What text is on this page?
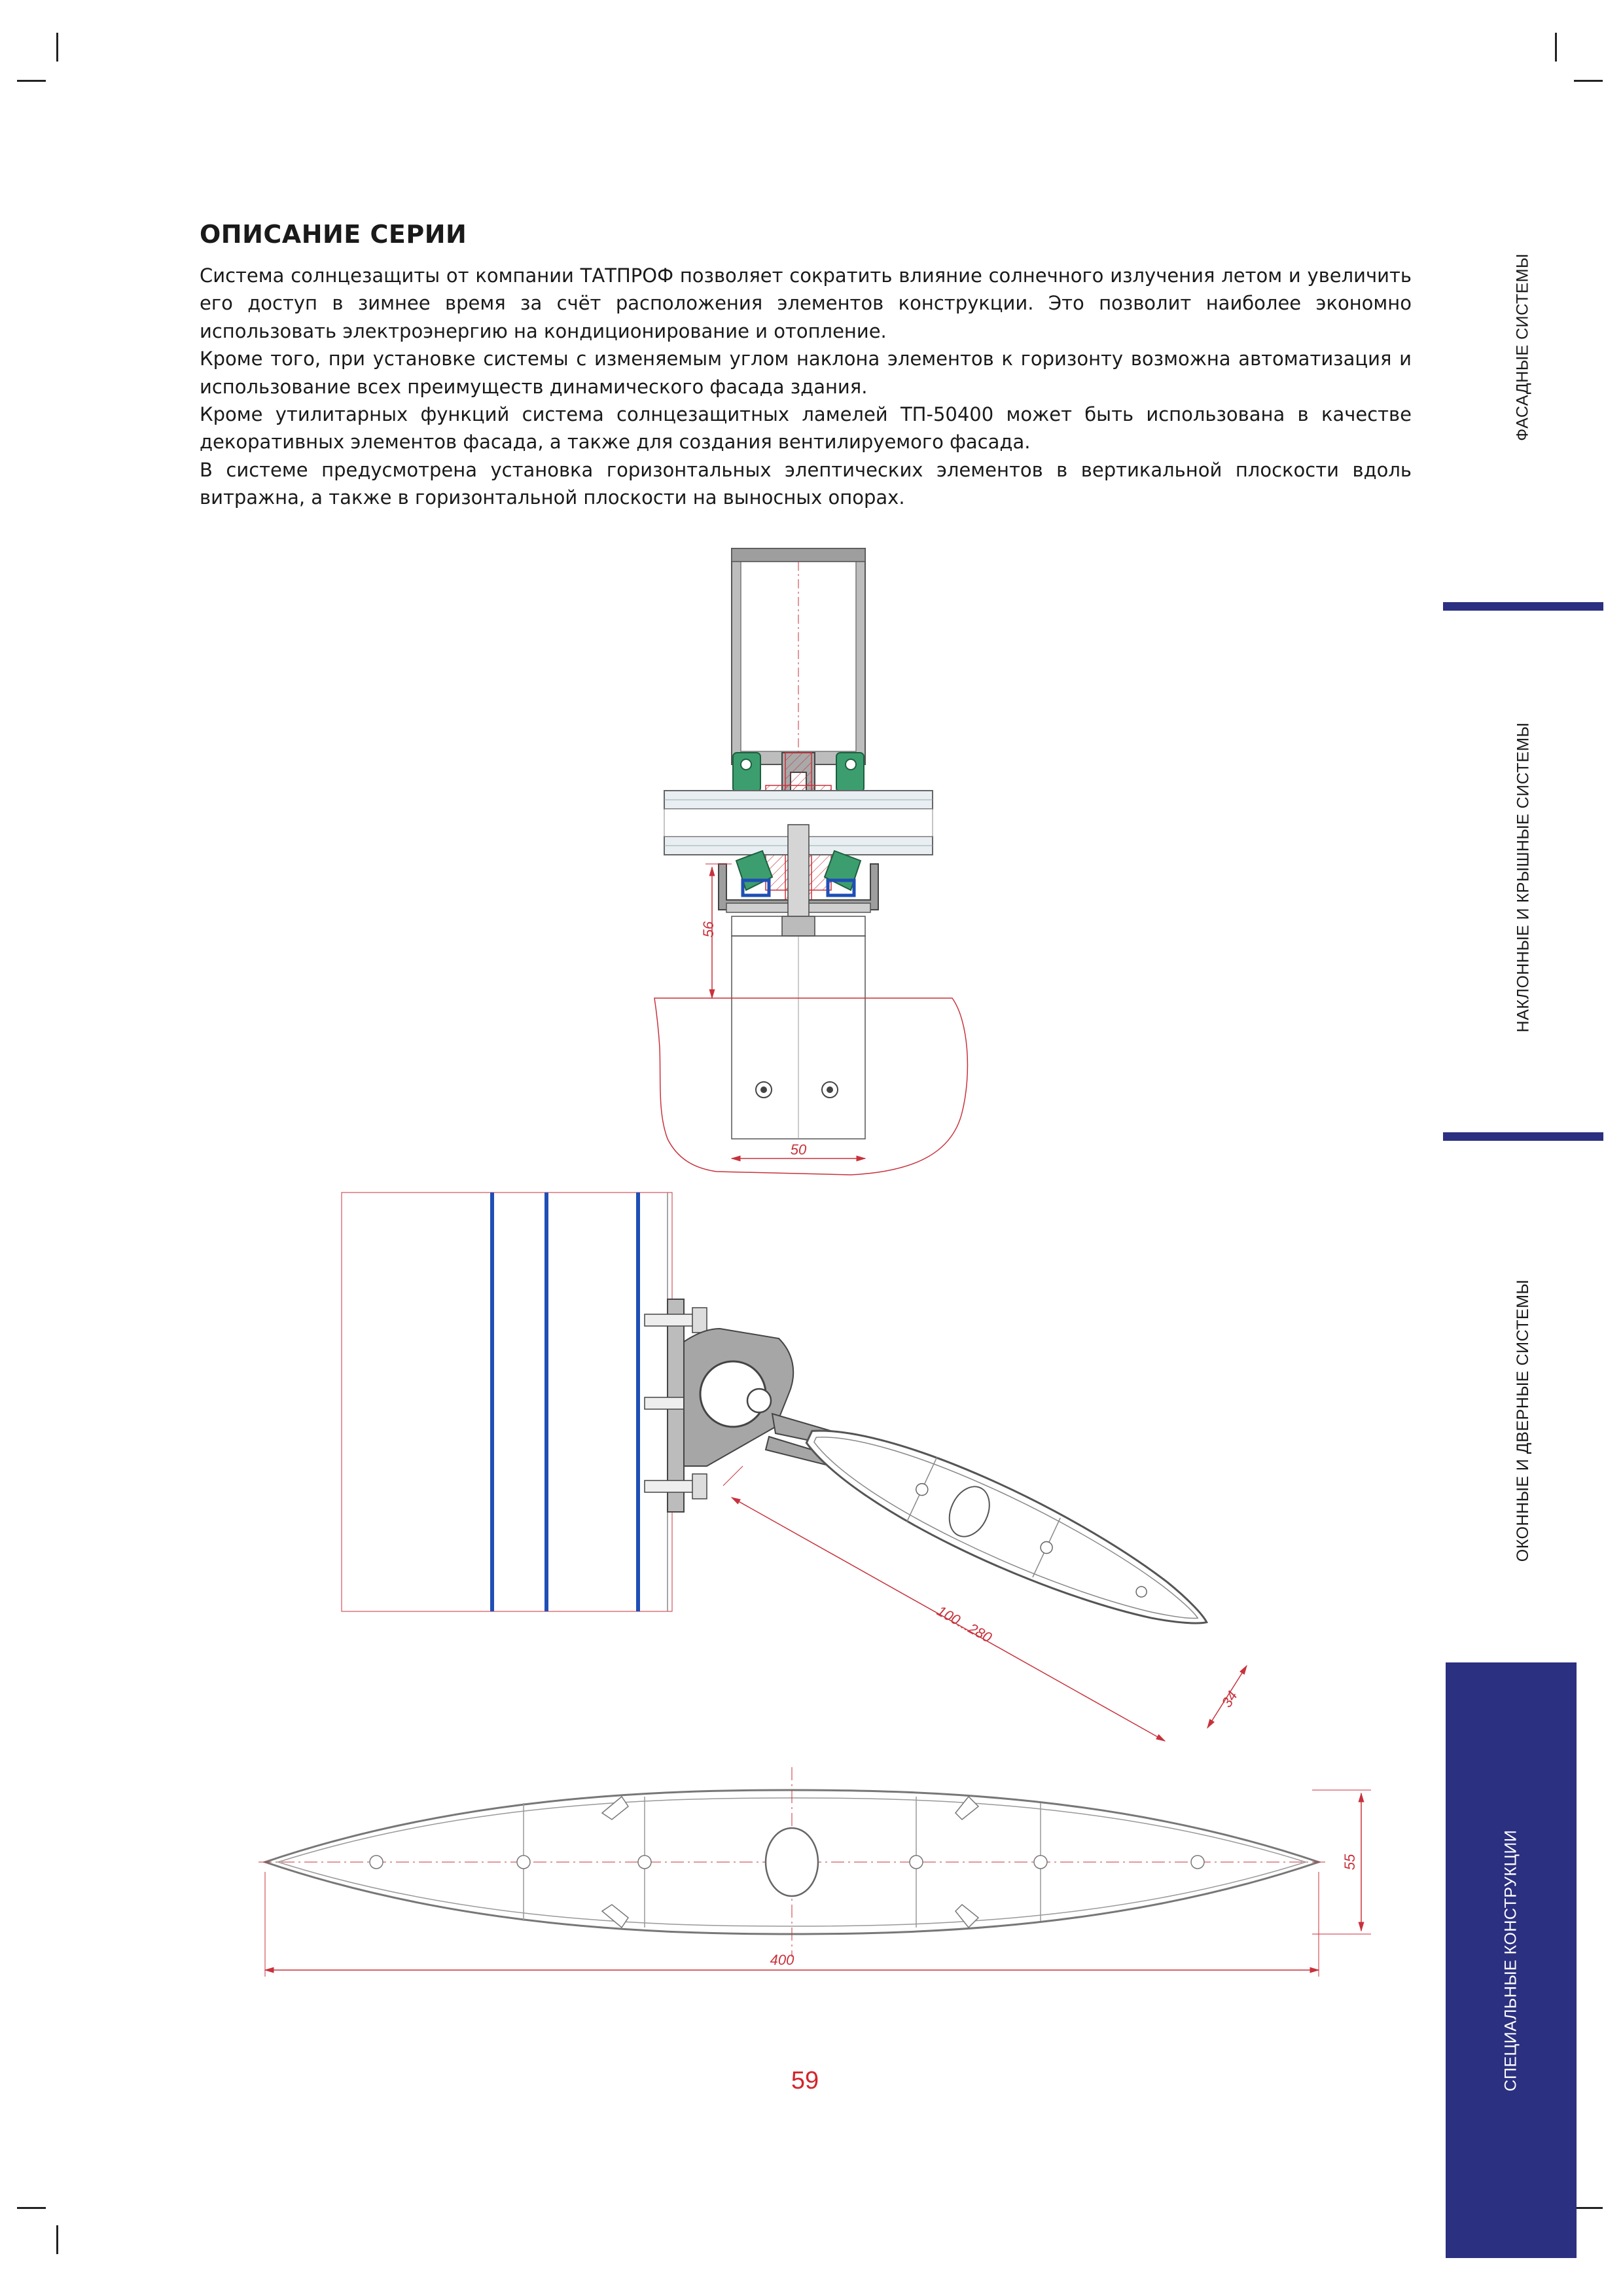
ОПИСАНИЕ СЕРИИ

Система солнцезащиты от компании ТАТПРОФ позволяет сократить влияние солнечного излучения летом и увеличить его доступ в зимнее время за счёт расположения элементов конструкции. Это позволит наиболее экономно использовать электроэнергию на кондиционирование и отопление.

Кроме того, при установке системы с изменяемым углом наклона элементов к горизонту возможна автоматизация и использование всех преимуществ динамического фасада здания.

Кроме утилитарных функций система солнцезащитных ламелей ТП-50400 может быть использована в качестве декоративных элементов фасада, а также для создания вентилируемого фасада.

В системе предусмотрена установка горизонтальных элептических элементов в вертикальной плоскости вдоль витражна, а также в горизонтальной плоскости на выносных опорах.

ФАСАДНЫЕ СИСТЕМЫ
НАКЛОННЫЕ И КРЫШНЫЕ СИСТЕМЫ
ОКОННЫЕ И ДВЕРНЫЕ СИСТЕМЫ
СПЕЦИАЛЬНЫЕ КОНСТРУКЦИИ
56
50
100...280
34
400
55
59
